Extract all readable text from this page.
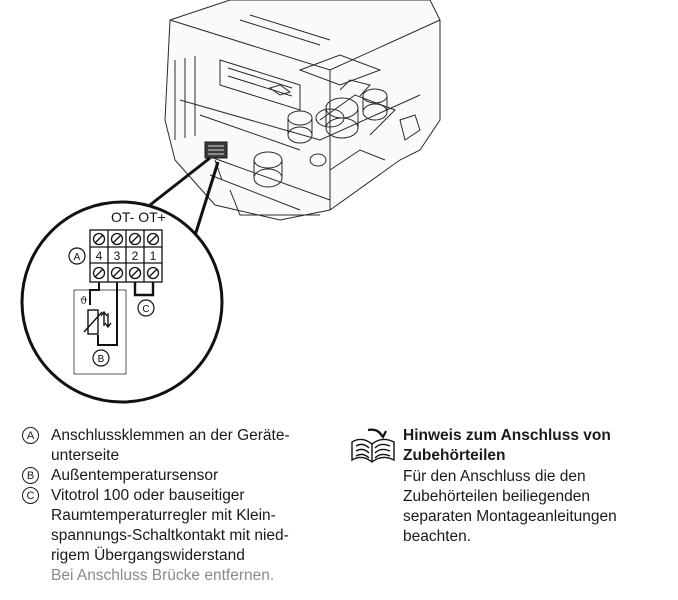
OT- OT+
4 3 2 1
A
C
ϑ
B
A	Anschlussklemmen an der Geräte-
unterseite
B	Außentemperatursensor
C Vitotrol 100 oder bauseitiger
Raumtemperaturregler mit Klein-
spannungs-Schaltkontakt mit nied-
rigem Übergangswiderstand
Bei Anschluss Brücke entfernen.
Hinweis zum Anschluss von
Zubehörteilen
Für den Anschluss die den
Zubehörteilen beiliegenden
separaten Montageanleitungen
beachten.
